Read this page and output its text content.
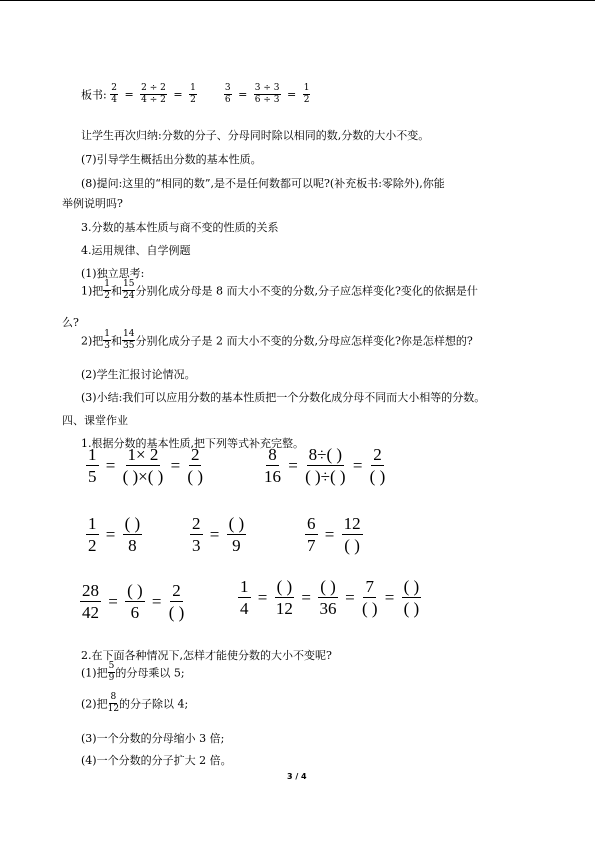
板书: $\frac{2}{4} = \frac{2 \div 2}{4 \div 2} = \frac{1}{2}$
	$\frac{3}{6} = \frac{3 \div 3}{6 \div 3} = \frac{1}{2}$
让学生再次归纳:分数的分子、分母同时除以相同的数,分数的大小不变。
(7)引导学生概括出分数的基本性质。
(8)提问:这里的“相同的数”,是不是任何数都可以呢?(补充板书:零除外),你能
举例说明吗?
3.分数的基本性质与商不变的性质的关系
4.运用规律、自学例题
(1)独立思考:
1)把 $\frac{1}{2}$ 和 $\frac{15}{24}$ 分别化成分母是 8 而大小不变的分数,分子应怎样变化?变化的依据是什
么?
2)把 $\frac{1}{3}$ 和 $\frac{14}{35}$ 分别化成分子是 2 而大小不变的分数,分母应怎样变化?你是怎样想的?
(2)学生汇报讨论情况。
(3)小结:我们可以应用分数的基本性质把一个分数化成分母不同而大小相等的分数。
四、课堂作业
1.根据分数的基本性质,把下列等式补充完整。
$\frac{1}{5} = \frac{1\times 2}{( )\times( )} = \frac{2}{( )}$	$\frac{8}{16} = \frac{8\div( )}{( )\div( )} = \frac{2}{( )}$
$\frac{1}{2} = \frac{( )}{8}$	$\frac{2}{3} = \frac{( )}{9}$	$\frac{6}{7} = \frac{12}{( )}$
$\frac{28}{42} = \frac{( )}{6} = \frac{2}{( )}$	$\frac{1}{4} = \frac{( )}{12} = \frac{( )}{36} = \frac{7}{( )} = \frac{( )}{( )}$
2.在下面各种情况下,怎样才能使分数的大小不变呢?
(1)把 $\frac{5}{9}$ 的分母乘以 5;
(2)把 $\frac{8}{12}$ 的分子除以 4;
(3)一个分数的分母缩小 3 倍;
(4)一个分数的分子扩大 2 倍。
3 / 4
